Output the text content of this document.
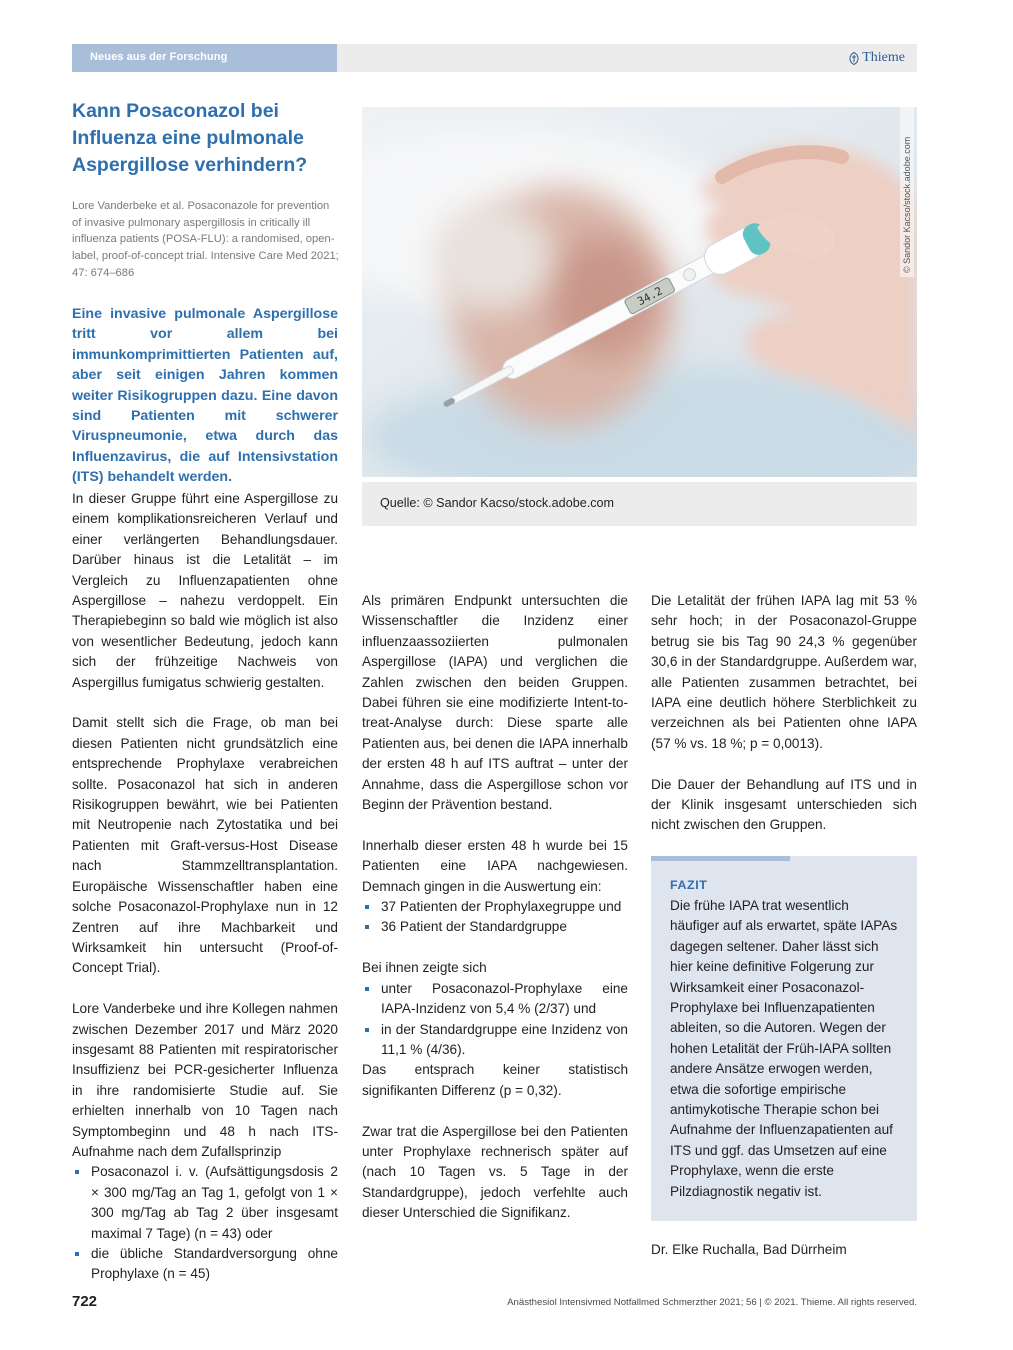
Neues aus der Forschung	Thieme
Kann Posaconazol bei Influenza eine pulmonale Aspergillose verhindern?

Lore Vanderbeke et al. Posaconazole for prevention of invasive pulmonary aspergillosis in critically ill influenza patients (POSA-FLU): a randomised, open-label, proof-of-concept trial. Intensive Care Med 2021; 47: 674–686

Eine invasive pulmonale Aspergillose tritt vor allem bei immunkomprimittierten Patienten auf, aber seit einigen Jahren kommen weiter Risikogruppen dazu. Eine davon sind Patienten mit schwerer Viruspneumonie, etwa durch das Influenzavirus, die auf Intensivstation (ITS) behandelt werden.

34.2
© Sandor Kacso/stock.adobe.com
Quelle: © Sandor Kacso/stock.adobe.com

In dieser Gruppe führt eine Aspergillose zu einem komplikationsreicheren Verlauf und einer verlängerten Behandlungsdauer. Darüber hinaus ist die Letalität – im Vergleich zu Influenzapatienten ohne Aspergillose – nahezu verdoppelt. Ein Therapiebeginn so bald wie möglich ist also von wesentlicher Bedeutung, jedoch kann sich der frühzeitige Nachweis von Aspergillus fumigatus schwierig gestalten.

Damit stellt sich die Frage, ob man bei diesen Patienten nicht grundsätzlich eine entsprechende Prophylaxe verabreichen sollte. Posaconazol hat sich in anderen Risikogruppen bewährt, wie bei Patienten mit Neutropenie nach Zytostatika und bei Patienten mit Graft-versus-Host Disease nach Stammzelltransplantation. Europäische Wissenschaftler haben eine solche Posaconazol-Prophylaxe nun in 12 Zentren auf ihre Machbarkeit und Wirksamkeit hin untersucht (Proof-of-Concept Trial).

Lore Vanderbeke und ihre Kollegen nahmen zwischen Dezember 2017 und März 2020 insgesamt 88 Patienten mit respiratorischer Insuffizienz bei PCR-gesicherter Influenza in ihre randomisierte Studie auf. Sie erhielten innerhalb von 10 Tagen nach Symptombeginn und 48 h nach ITS-Aufnahme nach dem Zufallsprinzip

Posaconazol i. v. (Aufsättigungsdosis 2 × 300 mg/Tag an Tag 1, gefolgt von 1 × 300 mg/Tag ab Tag 2 über insgesamt maximal 7 Tage) (n = 43) oder
die übliche Standardversorgung ohne Prophylaxe (n = 45)

Als primären Endpunkt untersuchten die Wissenschaftler die Inzidenz einer influenzaassoziierten pulmonalen Aspergillose (IAPA) und verglichen die Zahlen zwischen den beiden Gruppen. Dabei führen sie eine modifizierte Intent-to-treat-Analyse durch: Diese sparte alle Patienten aus, bei denen die IAPA innerhalb der ersten 48 h auf ITS auftrat – unter der Annahme, dass die Aspergillose schon vor Beginn der Prävention bestand.

Innerhalb dieser ersten 48 h wurde bei 15 Patienten eine IAPA nachgewiesen. Demnach gingen in die Auswertung ein:

37 Patienten der Prophylaxegruppe und
36 Patient der Standardgruppe

Bei ihnen zeigte sich

unter Posaconazol-Prophylaxe eine IAPA-Inzidenz von 5,4 % (2/37) und
in der Standardgruppe eine Inzidenz von 11,1 % (4/36).

Das entsprach keiner statistisch signifikanten Differenz (p = 0,32).

Zwar trat die Aspergillose bei den Patienten unter Prophylaxe rechnerisch später auf (nach 10 Tagen vs. 5 Tage in der Standardgruppe), jedoch verfehlte auch dieser Unterschied die Signifikanz.

Die Letalität der frühen IAPA lag mit 53 % sehr hoch; in der Posaconazol-Gruppe betrug sie bis Tag 90 24,3 % gegenüber 30,6 in der Standardgruppe. Außerdem war, alle Patienten zusammen betrachtet, bei IAPA eine deutlich höhere Sterblichkeit zu verzeichnen als bei Patienten ohne IAPA (57 % vs. 18 %; p = 0,0013).

Die Dauer der Behandlung auf ITS und in der Klinik insgesamt unterschieden sich nicht zwischen den Gruppen.

FAZIT

Die frühe IAPA trat wesentlich häufiger auf als erwartet, späte IAPAs dagegen seltener. Daher lässt sich hier keine definitive Folgerung zur Wirksamkeit einer Posaconazol-Prophylaxe bei Influenzapatienten ableiten, so die Autoren. Wegen der hohen Letalität der Früh-IAPA sollten andere Ansätze erwogen werden, etwa die sofortige empirische antimykotische Therapie schon bei Aufnahme der Influenzapatienten auf ITS und ggf. das Umsetzen auf eine Prophylaxe, wenn die erste Pilzdiagnostik negativ ist.

Dr. Elke Ruchalla, Bad Dürrheim
722	Anästhesiol Intensivmed Notfallmed Schmerzther 2021; 56 | © 2021. Thieme. All rights reserved.
